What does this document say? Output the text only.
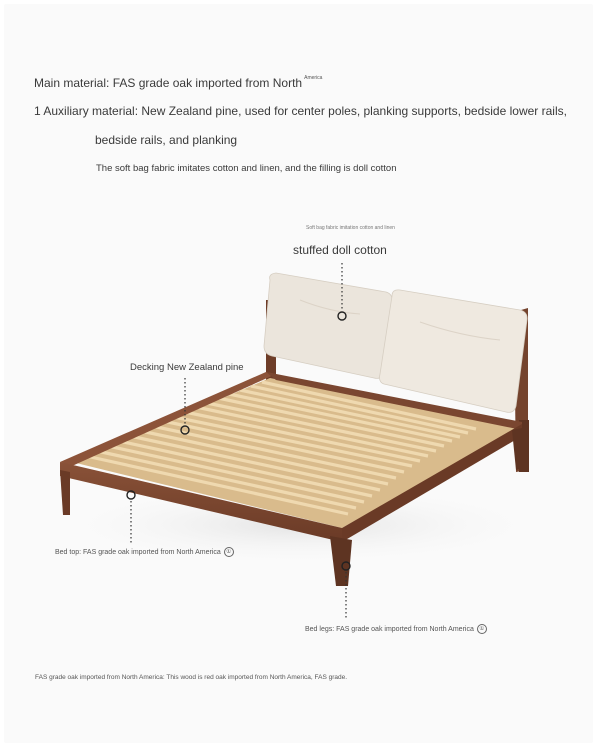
Main material: FAS grade oak imported from North $^{America}$
1 Auxiliary material: New Zealand pine, used for center poles, planking supports, bedside lower rails,
bedside rails, and planking
The soft bag fabric imitates cotton and linen, and the filling is doll cotton
Soft bag fabric imitation cotton and linen
stuffed doll cotton
Decking New Zealand pine
Bed top: FAS grade oak imported from North America ①
Bed legs: FAS grade oak imported from North America ①
FAS grade oak imported from North America: This wood is red oak imported from North America, FAS grade.
